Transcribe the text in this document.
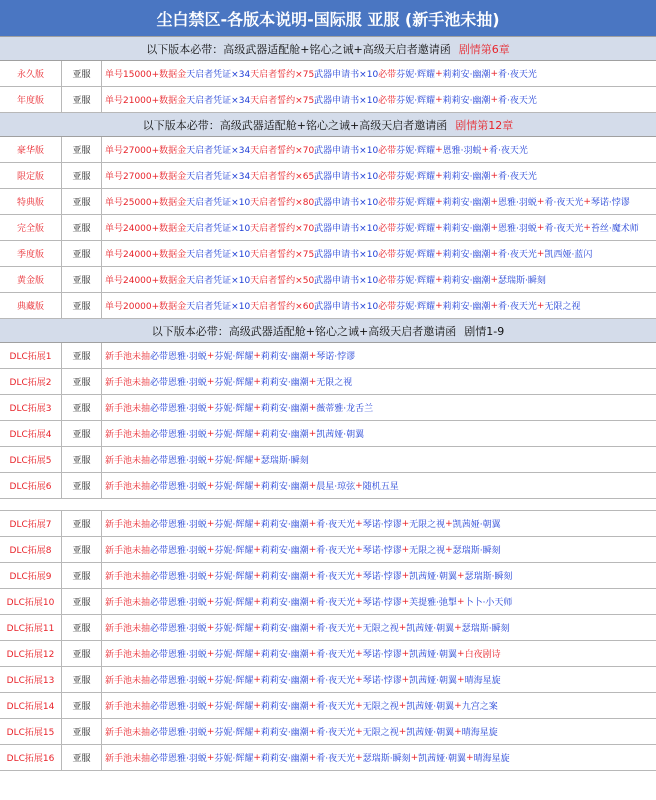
尘白禁区-各版本说明-国际服 亚服 (新手池未抽)
以下版本必带：高级武器适配舱+铭心之诫+高级天启者邀请函 剧情第6章
永久版	亚服	单号15000+数据金 天启者凭证×34 天启者誓约×75 武器申请书×10 必带 芬妮·辉耀 + 莉莉安·幽潮 + 肴·夜天光
年度版	亚服	单号21000+数据金 天启者凭证×34 天启者誓约×75 武器申请书×10 必带 芬妮·辉耀 + 莉莉安·幽潮 + 肴·夜天光
以下版本必带：高级武器适配舱+铭心之诫+高级天启者邀请函 剧情第12章
豪华版	亚服	单号27000+数据金 天启者凭证×34 天启者誓约×70 武器申请书×10 必带 芬妮·辉耀 + 恩雅·羽蜕 + 肴·夜天光
限定版	亚服	单号27000+数据金 天启者凭证×34 天启者誓约×65 武器申请书×10 必带 芬妮·辉耀 + 莉莉安·幽潮 + 肴·夜天光
特典版	亚服	单号25000+数据金 天启者凭证×10 天启者誓约×80 武器申请书×10 必带 芬妮·辉耀 + 莉莉安·幽潮 + 恩雅·羽蜕 + 肴·夜天光 + 琴诺·悖谬
完全版	亚服	单号24000+数据金 天启者凭证×10 天启者誓约×70 武器申请书×10 必带 芬妮·辉耀 + 莉莉安·幽潮 + 恩雅·羽蜕 + 肴·夜天光 + 苔丝·魔术师
季度版	亚服	单号24000+数据金 天启者凭证×10 天启者誓约×75 武器申请书×10 必带 芬妮·辉耀 + 莉莉安·幽潮 + 肴·夜天光 + 凯西娅·蓝闪
黄金版	亚服	单号24000+数据金 天启者凭证×10 天启者誓约×50 武器申请书×10 必带 芬妮·辉耀 + 莉莉安·幽潮 + 瑟瑞斯·瞬刻
典藏版	亚服	单号20000+数据金 天启者凭证×10 天启者誓约×60 武器申请书×10 必带 芬妮·辉耀 + 莉莉安·幽潮 + 肴·夜天光 + 无限之视
以下版本必带：高级武器适配舱+铭心之诫+高级天启者邀请函 剧情1-9
DLC拓展1	亚服	新手池未抽 必带 恩雅·羽蜕 + 芬妮·辉耀 + 莉莉安·幽潮 + 琴诺·悖谬
DLC拓展2	亚服	新手池未抽 必带 恩雅·羽蜕 + 芬妮·辉耀 + 莉莉安·幽潮 + 无限之视
DLC拓展3	亚服	新手池未抽 必带 恩雅·羽蜕 + 芬妮·辉耀 + 莉莉安·幽潮 + 薇蒂雅·龙舌兰
DLC拓展4	亚服	新手池未抽 必带 恩雅·羽蜕 + 芬妮·辉耀 + 莉莉安·幽潮 + 凯茜娅·朝翼
DLC拓展5	亚服	新手池未抽 必带 恩雅·羽蜕 + 芬妮·辉耀 + 瑟瑞斯·瞬刻
DLC拓展6	亚服	新手池未抽 必带 恩雅·羽蜕 + 芬妮·辉耀 + 莉莉安·幽潮 + 晨星·琼弦 + 随机五星
DLC拓展7	亚服	新手池未抽 必带 恩雅·羽蜕 + 芬妮·辉耀 + 莉莉安·幽潮 + 肴·夜天光 + 琴诺·悖谬 + 无限之视 + 凯茜娅·朝翼
DLC拓展8	亚服	新手池未抽 必带 恩雅·羽蜕 + 芬妮·辉耀 + 莉莉安·幽潮 + 肴·夜天光 + 琴诺·悖谬 + 无限之视 + 瑟瑞斯·瞬刻
DLC拓展9	亚服	新手池未抽 必带 恩雅·羽蜕 + 芬妮·辉耀 + 莉莉安·幽潮 + 肴·夜天光 + 琴诺·悖谬 + 凯茜娅·朝翼 + 瑟瑞斯·瞬刻
DLC拓展10	亚服	新手池未抽 必带 恩雅·羽蜕 + 芬妮·辉耀 + 莉莉安·幽潮 + 肴·夜天光 + 琴诺·悖谬 + 芙提雅·弛掣 + 卜卜·小天师
DLC拓展11	亚服	新手池未抽 必带 恩雅·羽蜕 + 芬妮·辉耀 + 莉莉安·幽潮 + 肴·夜天光 + 无限之视 + 凯茜娅·朝翼 + 瑟瑞斯·瞬刻
DLC拓展12	亚服	新手池未抽 必带 恩雅·羽蜕 + 芬妮·辉耀 + 莉莉安·幽潮 + 肴·夜天光 + 琴诺·悖谬 + 凯茜娅·朝翼 + 白夜剧诗
DLC拓展13	亚服	新手池未抽 必带 恩雅·羽蜕 + 芬妮·辉耀 + 莉莉安·幽潮 + 肴·夜天光 + 琴诺·悖谬 + 凯茜娅·朝翼 + 晴海星旋
DLC拓展14	亚服	新手池未抽 必带 恩雅·羽蜕 + 芬妮·辉耀 + 莉莉安·幽潮 + 肴·夜天光 + 无限之视 + 凯茜娅·朝翼 + 九宫之案
DLC拓展15	亚服	新手池未抽 必带 恩雅·羽蜕 + 芬妮·辉耀 + 莉莉安·幽潮 + 肴·夜天光 + 无限之视 + 凯茜娅·朝翼 + 晴海星旋
DLC拓展16	亚服	新手池未抽 必带 恩雅·羽蜕 + 芬妮·辉耀 + 莉莉安·幽潮 + 肴·夜天光 + 瑟瑞斯·瞬刻 + 凯茜娅·朝翼 + 晴海星旋
